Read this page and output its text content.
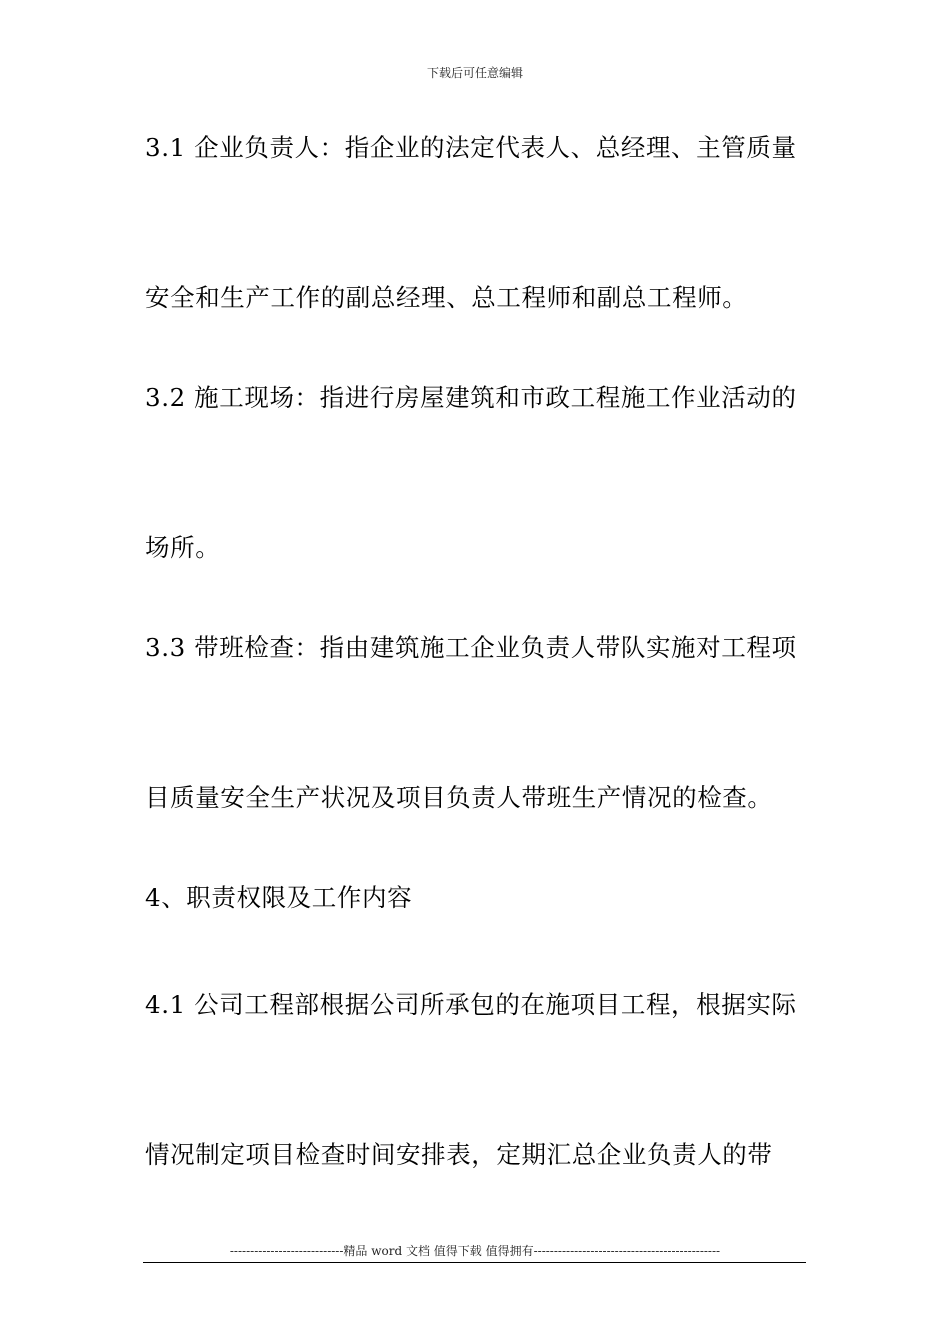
下载后可任意编辑
3.1 企业负责人：指企业的法定代表人、总经理、主管质量
安全和生产工作的副总经理、总工程师和副总工程师。
3.2 施工现场：指进行房屋建筑和市政工程施工作业活动的
场所。
3.3 带班检查：指由建筑施工企业负责人带队实施对工程项
目质量安全生产状况及项目负责人带班生产情况的检查。
4、职责权限及工作内容
4.1 公司工程部根据公司所承包的在施项目工程，根据实际
情况制定项目检查时间安排表，定期汇总企业负责人的带
----------------------------精品 word 文档 值得下载 值得拥有----------------------------------------------
